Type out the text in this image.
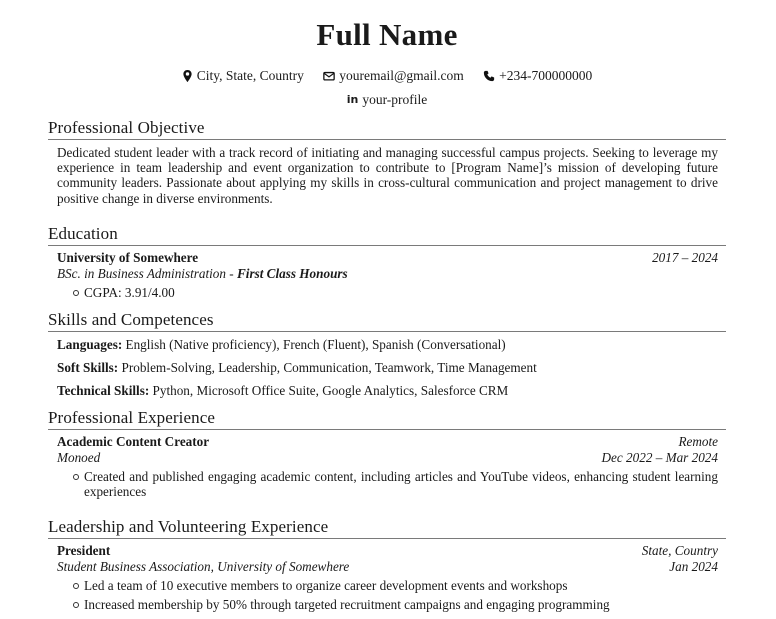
Full Name
City, State, Country
	youremail@gmail.com
	+234-700000000
in your-profile
Professional Objective
Dedicated student leader with a track record of initiating and managing successful campus projects. Seeking to leverage my experience in team leadership and event organization to contribute to [Program Name]’s mission of developing future community leaders. Passionate about applying my skills in cross-cultural communication and project management to drive positive change in diverse environments.
Education
University of Somewhere	2017 – 2024
BSc. in Business Administration - First Class Honours
CGPA: 3.91/4.00
Skills and Competences
Languages: English (Native proficiency), French (Fluent), Spanish (Conversational)
Soft Skills: Problem-Solving, Leadership, Communication, Teamwork, Time Management
Technical Skills: Python, Microsoft Office Suite, Google Analytics, Salesforce CRM
Professional Experience
Academic Content Creator	Remote
Monoed	Dec 2022 – Mar 2024
Created and published engaging academic content, including articles and YouTube videos, enhancing student learning experiences
Leadership and Volunteering Experience
President	State, Country
Student Business Association, University of Somewhere	Jan 2024
Led a team of 10 executive members to organize career development events and workshops
Increased membership by 50% through targeted recruitment campaigns and engaging programming
